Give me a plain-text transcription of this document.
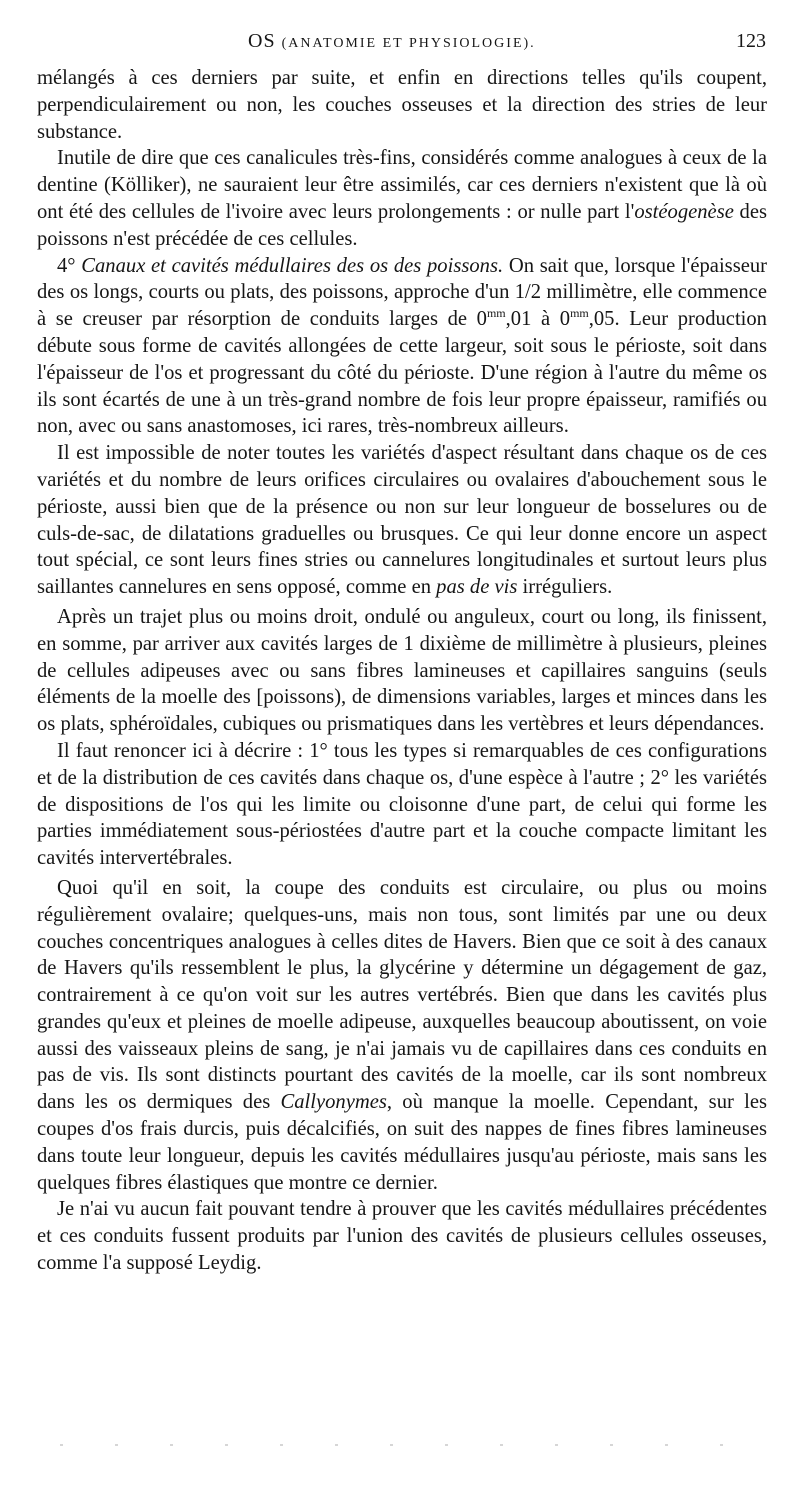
OS (ANATOMIE ET PHYSIOLOGIE).	123

mélangés à ces derniers par suite, et enfin en directions telles qu'ils coupent, perpendiculairement ou non, les couches osseuses et la direction des stries de leur substance.

Inutile de dire que ces canalicules très-fins, considérés comme analogues à ceux de la dentine (Kölliker), ne sauraient leur être assimilés, car ces derniers n'existent que là où ont été des cellules de l'ivoire avec leurs prolongements : or nulle part l'ostéogenèse des poissons n'est précédée de ces cellules.

4° Canaux et cavités médullaires des os des poissons. On sait que, lorsque l'épaisseur des os longs, courts ou plats, des poissons, approche d'un 1/2 millimètre, elle commence à se creuser par résorption de conduits larges de $0^{mm},01$ à $0^{mm},05$. Leur production débute sous forme de cavités allongées de cette largeur, soit sous le périoste, soit dans l'épaisseur de l'os et progressant du côté du périoste. D'une région à l'autre du même os ils sont écartés de une à un très-grand nombre de fois leur propre épaisseur, ramifiés ou non, avec ou sans anastomoses, ici rares, très-nombreux ailleurs.

Il est impossible de noter toutes les variétés d'aspect résultant dans chaque os de ces variétés et du nombre de leurs orifices circulaires ou ovalaires d'abouchement sous le périoste, aussi bien que de la présence ou non sur leur longueur de bosselures ou de culs-de-sac, de dilatations graduelles ou brusques. Ce qui leur donne encore un aspect tout spécial, ce sont leurs fines stries ou cannelures longitudinales et surtout leurs plus saillantes cannelures en sens opposé, comme en pas de vis irréguliers.

Après un trajet plus ou moins droit, ondulé ou anguleux, court ou long, ils finissent, en somme, par arriver aux cavités larges de 1 dixième de millimètre à plusieurs, pleines de cellules adipeuses avec ou sans fibres lamineuses et capillaires sanguins (seuls éléments de la moelle des [poissons), de dimensions variables, larges et minces dans les os plats, sphéroïdales, cubiques ou prismatiques dans les vertèbres et leurs dépendances.

Il faut renoncer ici à décrire : 1° tous les types si remarquables de ces configurations et de la distribution de ces cavités dans chaque os, d'une espèce à l'autre ; 2° les variétés de dispositions de l'os qui les limite ou cloisonne d'une part, de celui qui forme les parties immédiatement sous-périostées d'autre part et la couche compacte limitant les cavités intervertébrales.

Quoi qu'il en soit, la coupe des conduits est circulaire, ou plus ou moins régulièrement ovalaire; quelques-uns, mais non tous, sont limités par une ou deux couches concentriques analogues à celles dites de Havers. Bien que ce soit à des canaux de Havers qu'ils ressemblent le plus, la glycérine y détermine un dégagement de gaz, contrairement à ce qu'on voit sur les autres vertébrés. Bien que dans les cavités plus grandes qu'eux et pleines de moelle adipeuse, auxquelles beaucoup aboutissent, on voie aussi des vaisseaux pleins de sang, je n'ai jamais vu de capillaires dans ces conduits en pas de vis. Ils sont distincts pourtant des cavités de la moelle, car ils sont nombreux dans les os dermiques des Callyonymes, où manque la moelle. Cependant, sur les coupes d'os frais durcis, puis décalcifiés, on suit des nappes de fines fibres lamineuses dans toute leur longueur, depuis les cavités médullaires jusqu'au périoste, mais sans les quelques fibres élastiques que montre ce dernier.

Je n'ai vu aucun fait pouvant tendre à prouver que les cavités médullaires précédentes et ces conduits fussent produits par l'union des cavités de plusieurs cellules osseuses, comme l'a supposé Leydig.
